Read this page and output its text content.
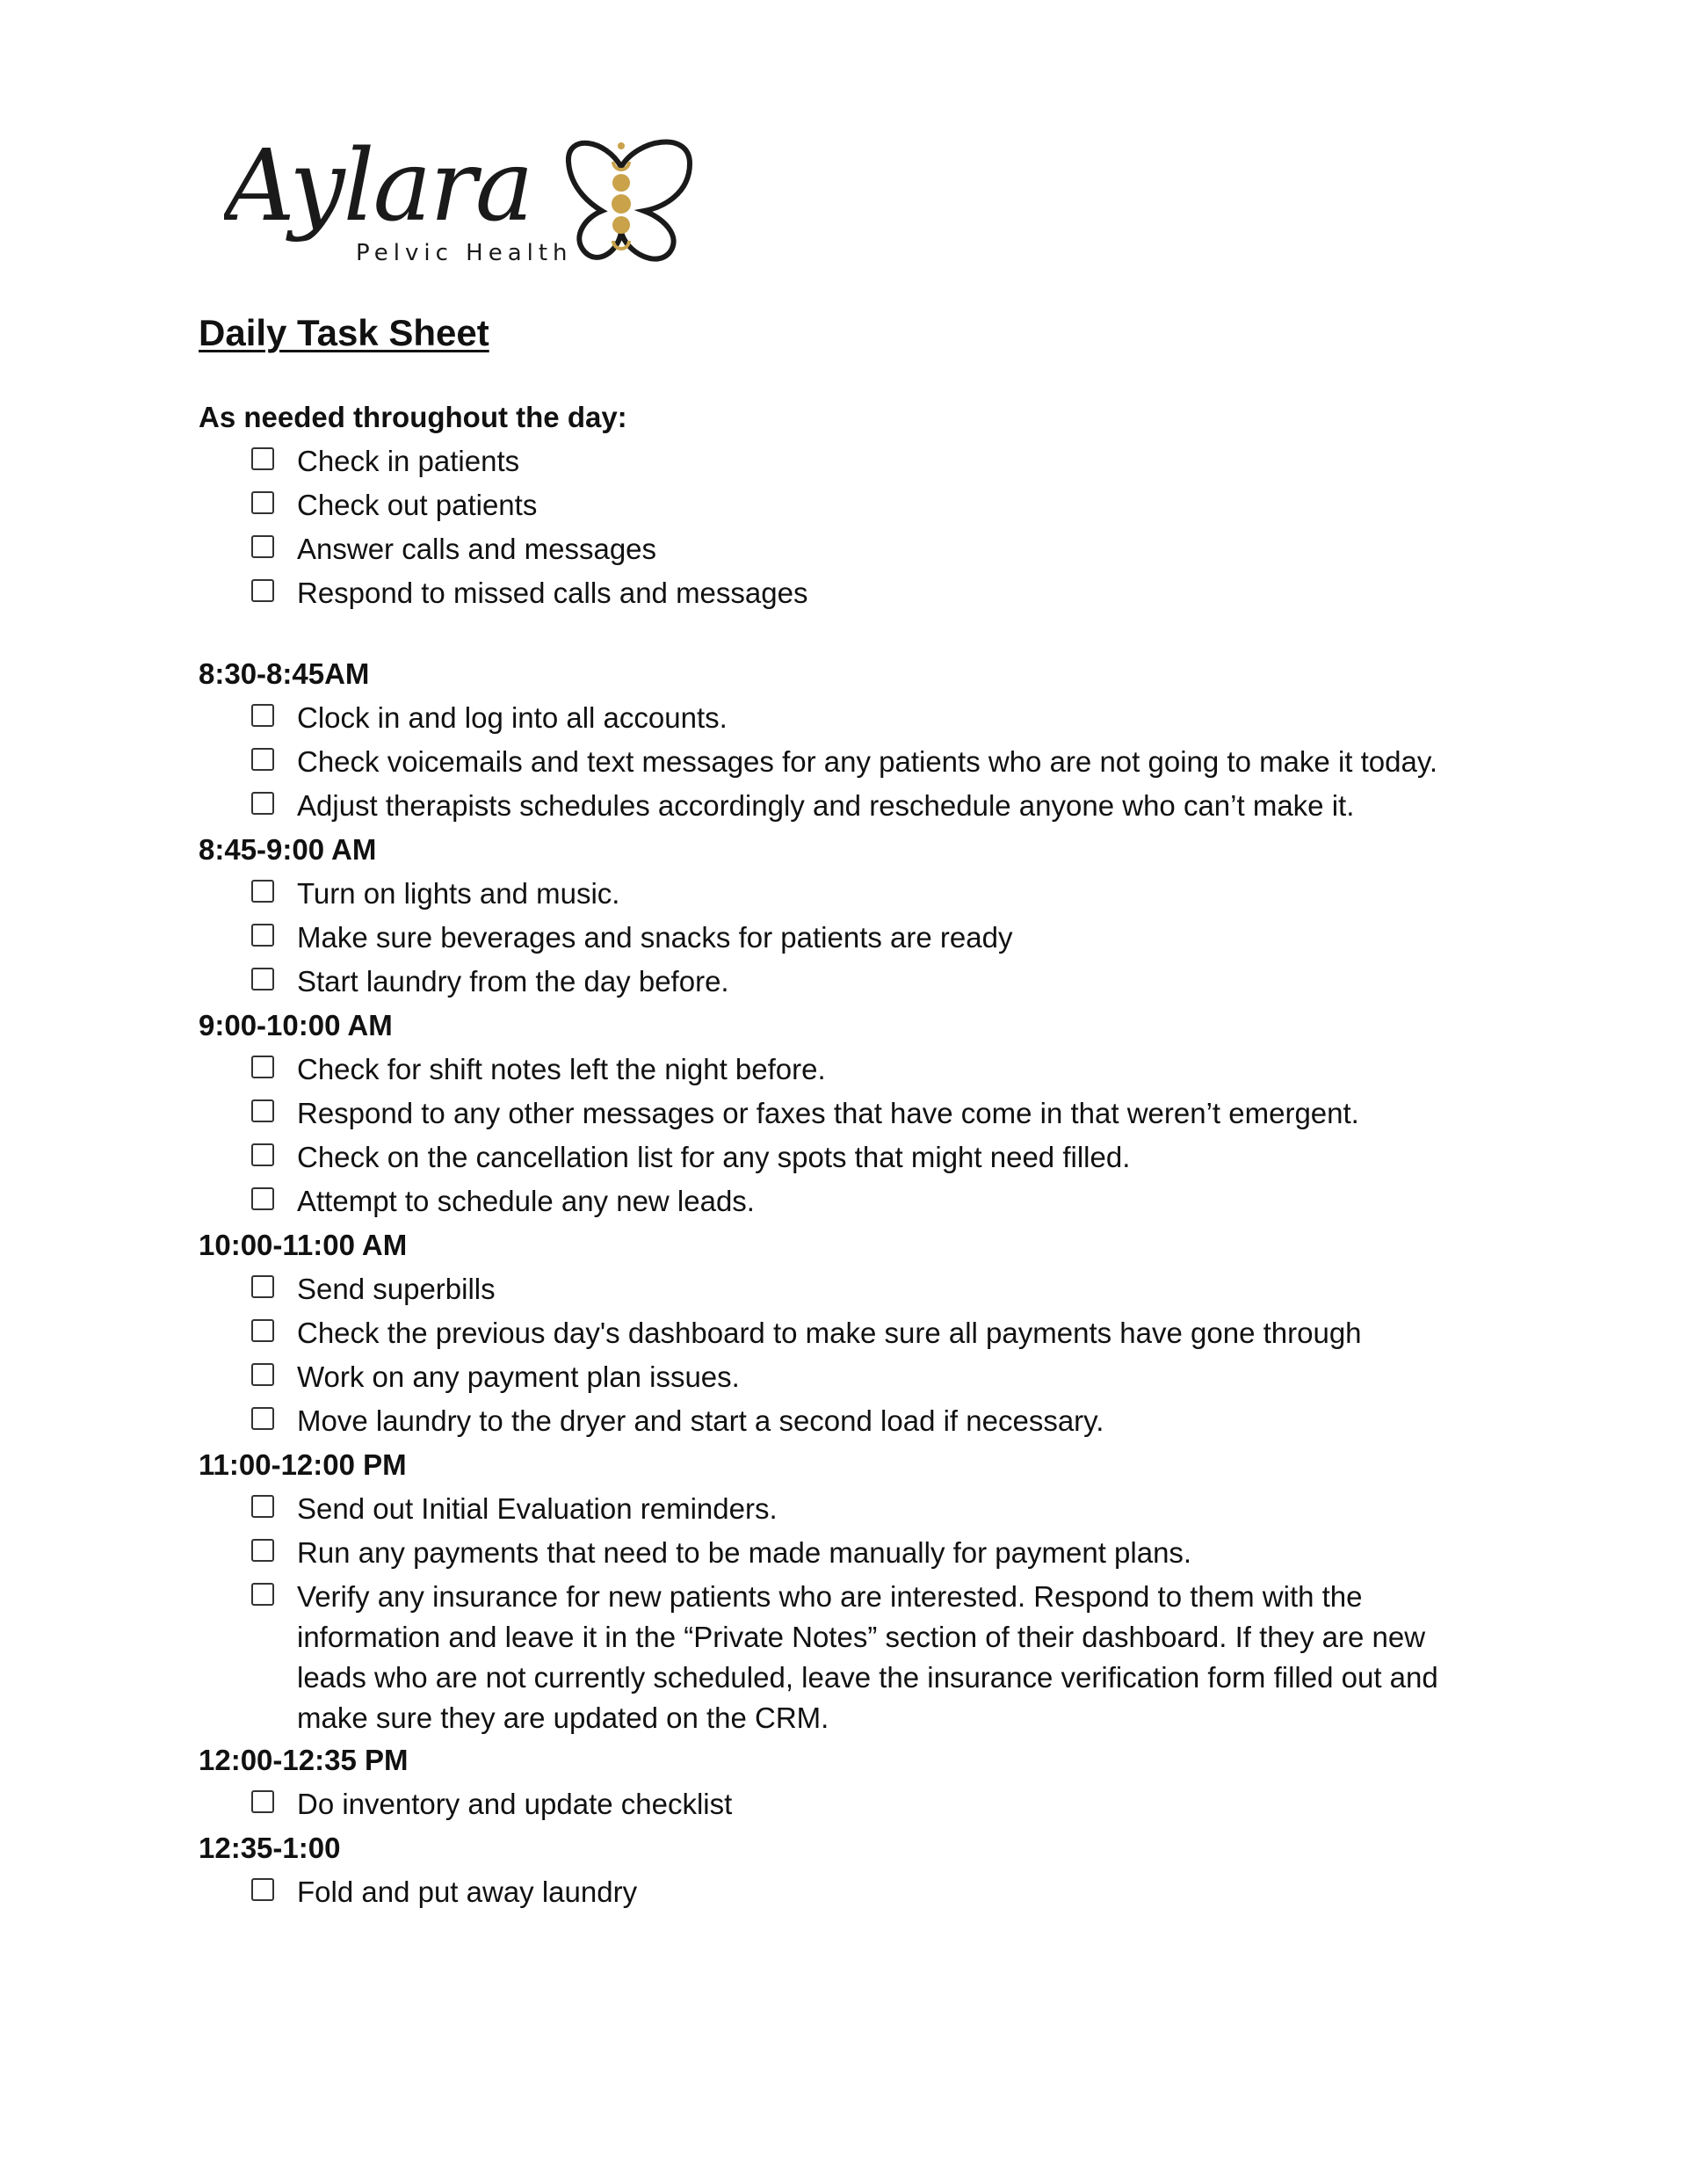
Aylara
Pelvic Health
Daily Task Sheet
As needed throughout the day:
Check in patients
Check out patients
Answer calls and messages
Respond to missed calls and messages
8:30-8:45AM
Clock in and log into all accounts.
Check voicemails and text messages for any patients who are not going to make it today.
Adjust therapists schedules accordingly and reschedule anyone who can’t make it.
8:45-9:00 AM
Turn on lights and music.
Make sure beverages and snacks for patients are ready
Start laundry from the day before.
9:00-10:00 AM
Check for shift notes left the night before.
Respond to any other messages or faxes that have come in that weren’t emergent.
Check on the cancellation list for any spots that might need filled.
Attempt to schedule any new leads.
10:00-11:00 AM
Send superbills
Check the previous day's dashboard to make sure all payments have gone through
Work on any payment plan issues.
Move laundry to the dryer and start a second load if necessary.
11:00-12:00 PM
Send out Initial Evaluation reminders.
Run any payments that need to be made manually for payment plans.
Verify any insurance for new patients who are interested. Respond to them with the information and leave it in the “Private Notes” section of their dashboard. If they are new leads who are not currently scheduled, leave the insurance verification form filled out and make sure they are updated on the CRM.
12:00-12:35 PM
Do inventory and update checklist
12:35-1:00
Fold and put away laundry
